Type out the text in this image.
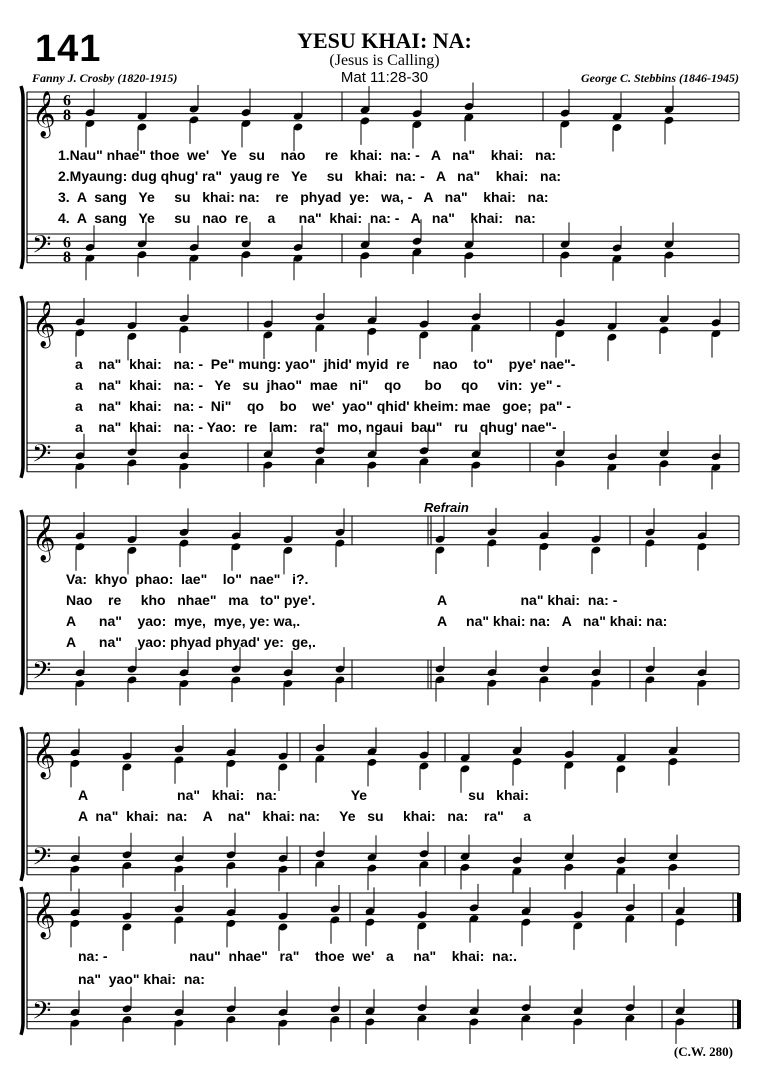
141	YESU KHAI: NA:
(Jesus is Calling)
Mat 11:28-30
Fanny J. Crosby (1820-1915)	George C. Stebbins (1846-1945)
Refrain
(C.W. 280)
1.Nau" nhae" thoe  we'   Ye   su    nao     re   khai:  na: -   A   na"    khai:   na:
2.Myaung: dug qhug' ra"  yaug re   Ye     su   khai:  na: -   A   na"    khai:   na:
3.  A  sang   Ye     su   khai: na:    re   phyad  ye:   wa, -   A   na"    khai:   na:
4.  A  sang   Ye     su   nao  re     a      na"  khai:  na: -   A   na"    khai:   na:
a    na"  khai:   na: -  Pe" mung: yao"  jhid' myid  re      nao    to"    pye' nae"-
a    na"  khai:   na: -   Ye   su  jhao"  mae   ni"    qo      bo     qo     vin:  ye" -
a    na"  khai:   na: -  Ni"    qo    bo    we'  yao" qhid' kheim: mae   goe;  pa" -
a    na"  khai:   na: - Yao:  re   lam:   ra"  mo, ngaui  bau"   ru   qhug' nae"-
Va:  khyo  phao:  lae"    lo"  nae"   i?.
Nao    re     kho   nhae"   ma   to" pye'.
A      na"    yao:  mye,  mye, ye: wa,.
A      na"    yao: phyad phyad' ye:  ge,.
A                   na" khai:  na: -
A     na" khai: na:   A   na" khai: na:
A                       na"   khai:   na:                   Ye                          su   khai:
A  na"  khai:  na:    A    na"   khai: na:     Ye   su     khai:   na:    ra"     a
na: -                     nau"  nhae"   ra"    thoe  we'   a     na"    khai:  na:.
na"  yao" khai:  na:
𝄞
𝄢
6
8
6
8
𝄞
𝄢
𝄞
𝄢
𝄞
𝄢
𝄞
𝄢
